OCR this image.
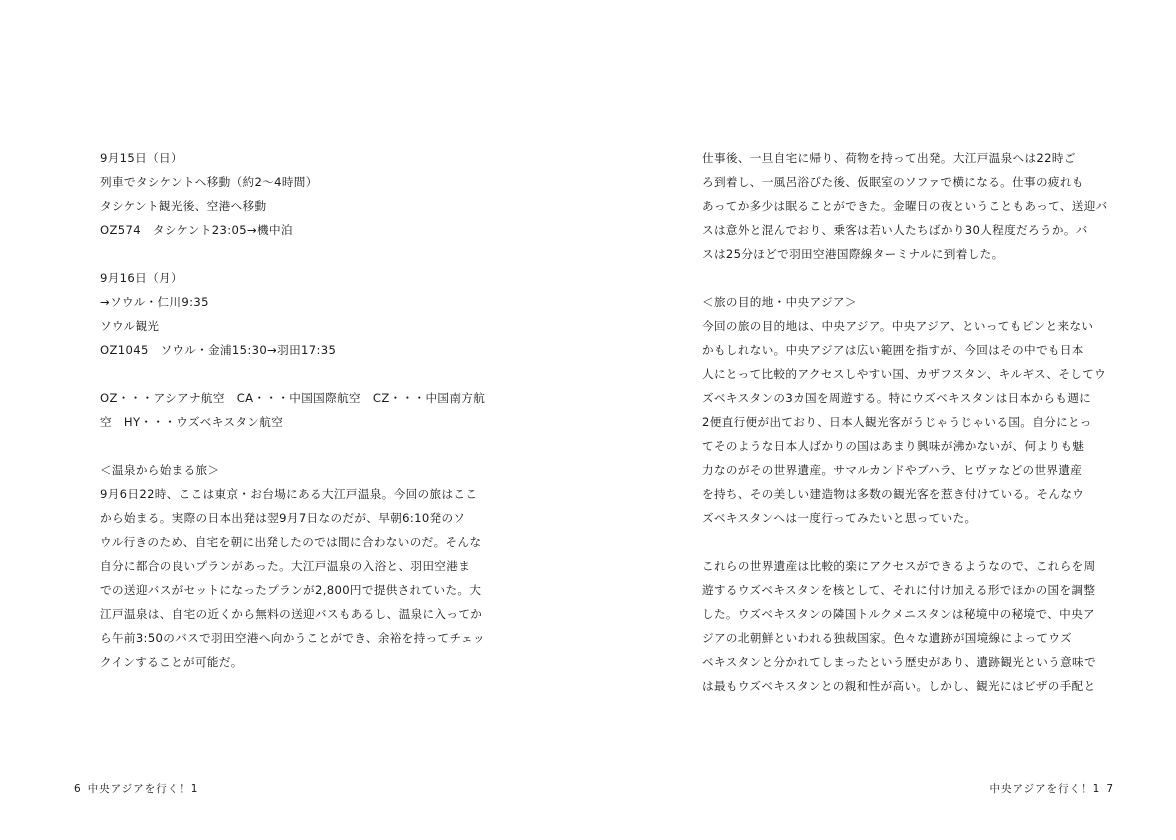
9月15日（日）
列車でタシケントへ移動（約2～4時間）
タシケント観光後、空港へ移動
OZ574　タシケント23:05→機中泊
9月16日（月）
→ソウル・仁川9:35
ソウル観光
OZ1045　ソウル・金浦15:30→羽田17:35
OZ・・・アシアナ航空　CA・・・中国国際航空　CZ・・・中国南方航
空　HY・・・ウズベキスタン航空
＜温泉から始まる旅＞
9月6日22時、ここは東京・お台場にある大江戸温泉。今回の旅はここ
から始まる。実際の日本出発は翌9月7日なのだが、早朝6:10発のソ
ウル行きのため、自宅を朝に出発したのでは間に合わないのだ。そんな
自分に都合の良いプランがあった。大江戸温泉の入浴と、羽田空港ま
での送迎バスがセットになったプランが2,800円で提供されていた。大
江戸温泉は、自宅の近くから無料の送迎バスもあるし、温泉に入ってか
ら午前3:50のバスで羽田空港へ向かうことができ、余裕を持ってチェッ
クインすることが可能だ。
6 中央アジアを行く！1
仕事後、一旦自宅に帰り、荷物を持って出発。大江戸温泉へは22時ご
ろ到着し、一風呂浴びた後、仮眠室のソファで横になる。仕事の疲れも
あってか多少は眠ることができた。金曜日の夜ということもあって、送迎バ
スは意外と混んでおり、乗客は若い人たちばかり30人程度だろうか。バ
スは25分ほどで羽田空港国際線ターミナルに到着した。
＜旅の目的地・中央アジア＞
今回の旅の目的地は、中央アジア。中央アジア、といってもピンと来ない
かもしれない。中央アジアは広い範囲を指すが、今回はその中でも日本
人にとって比較的アクセスしやすい国、カザフスタン、キルギス、そしてウ
ズベキスタンの3カ国を周遊する。特にウズベキスタンは日本からも週に
2便直行便が出ており、日本人観光客がうじゃうじゃいる国。自分にとっ
てそのような日本人ばかりの国はあまり興味が沸かないが、何よりも魅
力なのがその世界遺産。サマルカンドやブハラ、ヒヴァなどの世界遺産
を持ち、その美しい建造物は多数の観光客を惹き付けている。そんなウ
ズベキスタンへは一度行ってみたいと思っていた。
これらの世界遺産は比較的楽にアクセスができるようなので、これらを周
遊するウズベキスタンを核として、それに付け加える形でほかの国を調整
した。ウズベキスタンの隣国トルクメニスタンは秘境中の秘境で、中央ア
ジアの北朝鮮といわれる独裁国家。色々な遺跡が国境線によってウズ
ベキスタンと分かれてしまったという歴史があり、遺跡観光という意味で
は最もウズベキスタンとの親和性が高い。しかし、観光にはビザの手配と
中央アジアを行く！1 7
